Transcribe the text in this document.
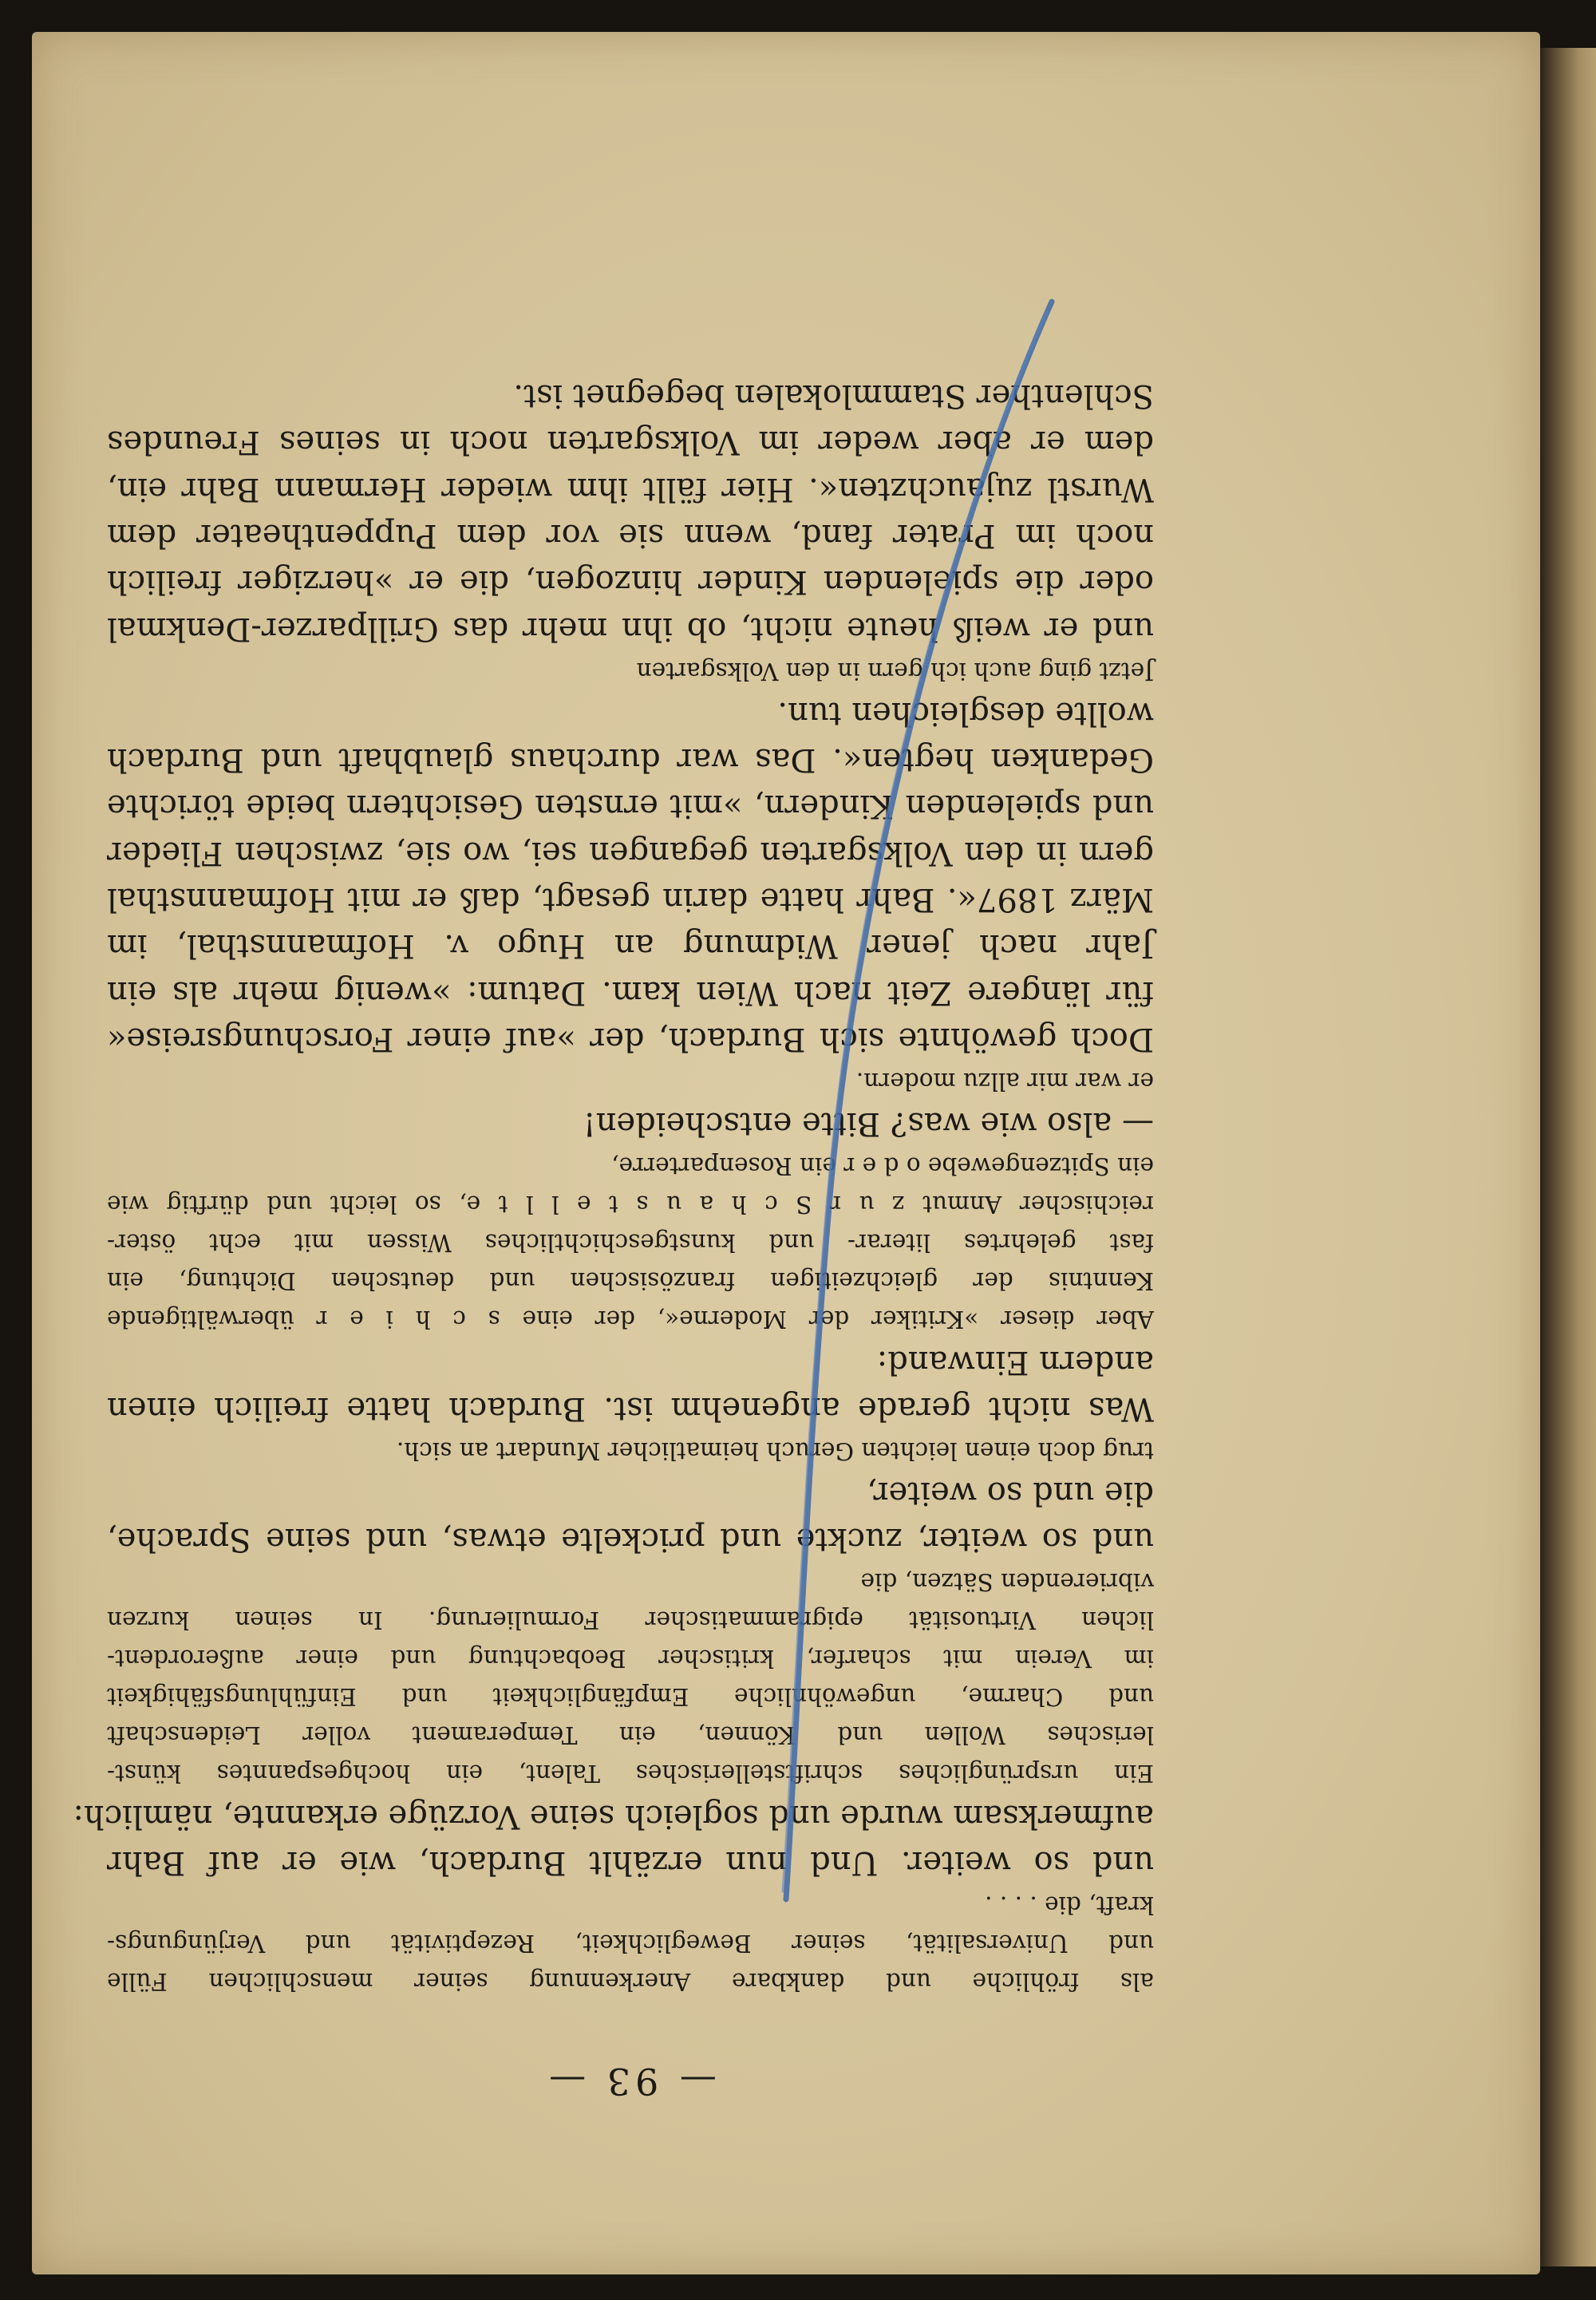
— 93 —
als fröhliche und dankbare Anerkennung seiner menschlichen Fülle
und Universalität, seiner Beweglichkeit, Rezeptivität und Verjüngungs-
kraft, die . . . .
und so weiter. Und nun erzählt Burdach, wie er auf Bahr
aufmerksam wurde und sogleich seine Vorzüge erkannte, nämlich:
Ein ursprüngliches schriftstellerisches Talent, ein hochgespanntes künst-
lerisches Wollen und Können, ein Temperament voller Leidenschaft
und Charme, ungewöhnliche Empfänglichkeit und Einfühlungsfähigkeit
im Verein mit scharfer, kritischer Beobachtung und einer außerordent-
lichen Virtuosität epigrammatischer Formulierung. In seinen kurzen
vibrierenden Sätzen, die
und so weiter, zuckte und prickelte etwas, und seine Sprache,
die und so weiter,
trug doch einen leichten Geruch heimatlicher Mundart an sich.
Was nicht gerade angenehm ist. Burdach hatte freilich einen
andern Einwand:
Aber dieser »Kritiker der Moderne«, der eine s c h i e r überwältigende
Kenntnis der gleichzeitigen französischen und deutschen Dichtung, ein
fast gelehrtes literar- und kunstgeschichtliches Wissen mit echt öster-
reichischer Anmut z u r S c h a u s t e l l t e, so leicht und dürftig wie
ein Spitzengewebe o d e r ein Rosenparterre,
— also wie was? Bitte entscheiden!
er war mir allzu modern.
Doch gewöhnte sich Burdach, der »auf einer Forschungsreise«
für längere Zeit nach Wien kam. Datum: »wenig mehr als ein
Jahr nach jener Widmung an Hugo v. Hofmannsthal, im
März 1897«. Bahr hatte darin gesagt, daß er mit Hofmannsthal
gern in den Volksgarten gegangen sei, wo sie, zwischen Flieder
und spielenden Kindern, »mit ernsten Gesichtern beide törichte
Gedanken hegten«. Das war durchaus glaubhaft und Burdach
wollte desgleichen tun.
Jetzt ging auch ich gern in den Volksgarten
und er weiß heute nicht, ob ihn mehr das Grillparzer-Denkmal
oder die spielenden Kinder hinzogen, die er »herziger freilich
noch im Prater fand, wenn sie vor dem Puppentheater dem
Wurstl zujauchzten«. Hier fällt ihm wieder Hermann Bahr ein,
dem er aber weder im Volksgarten noch in seines Freundes
Schlenther Stammlokalen begegnet ist.
